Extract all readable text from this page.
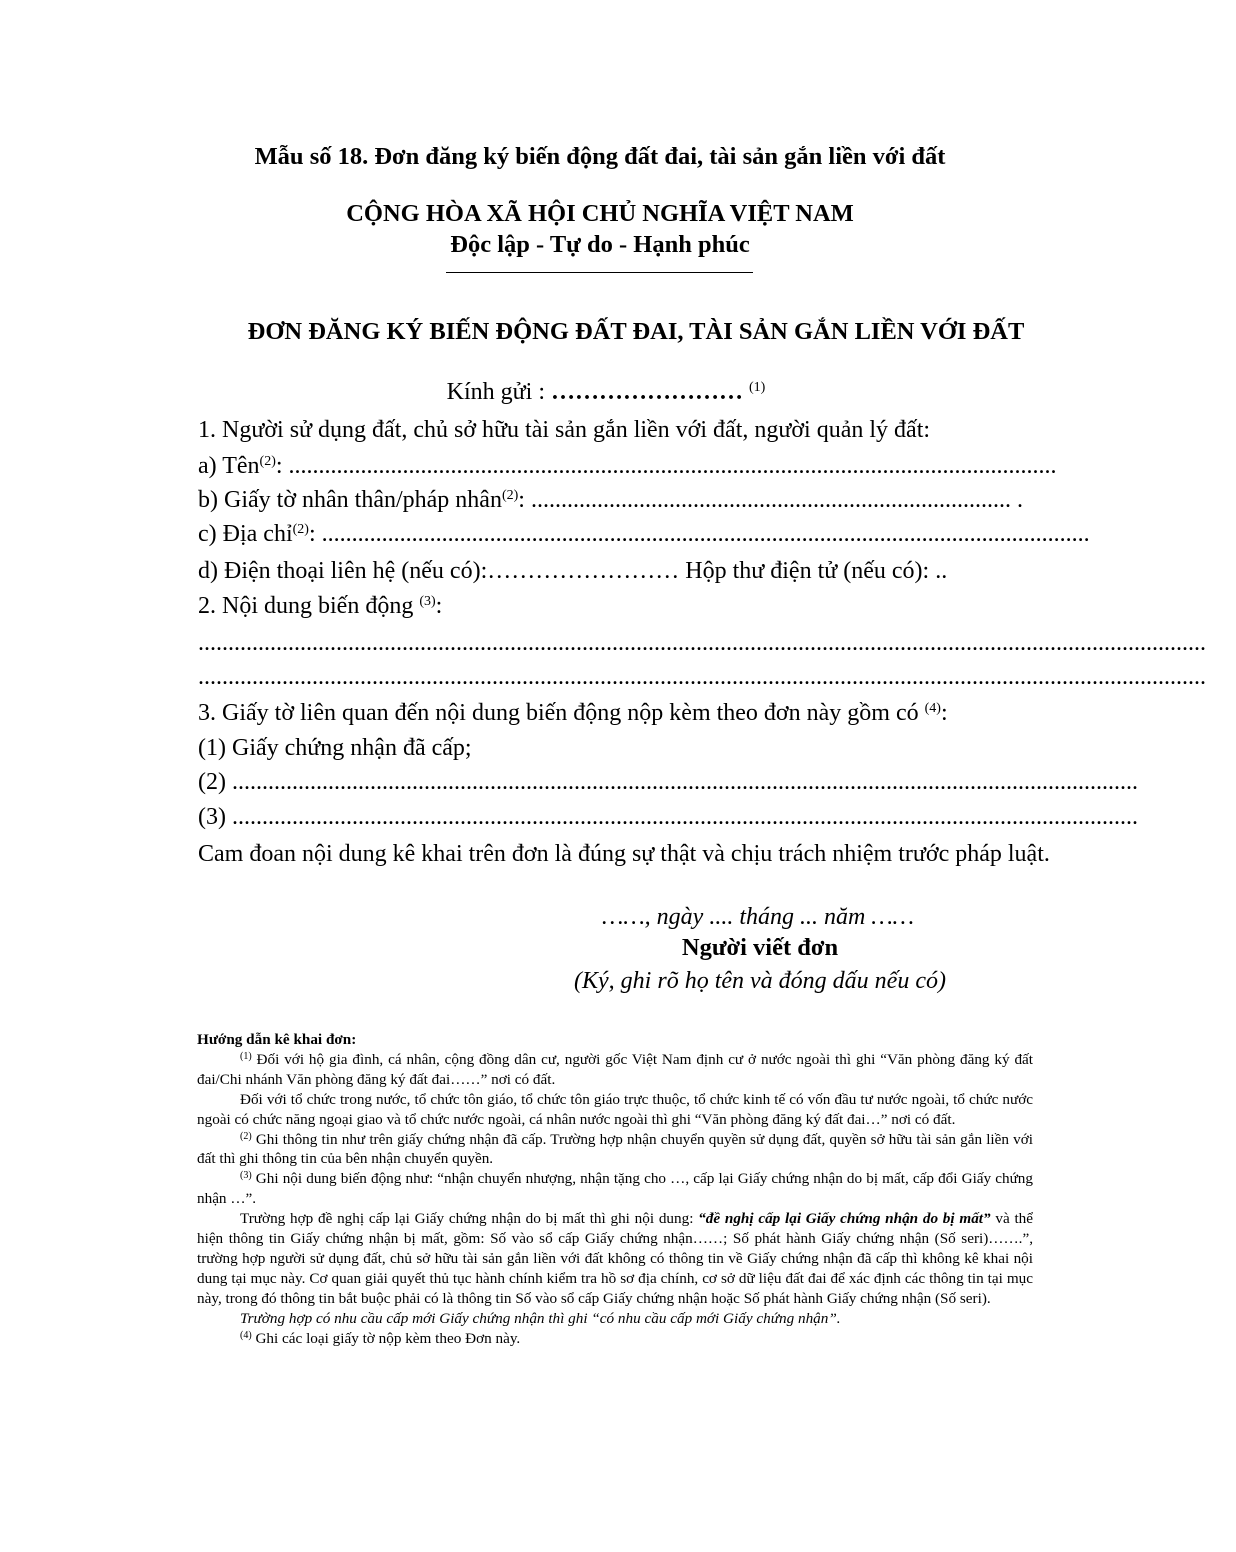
Mẫu số 18. Đơn đăng ký biến động đất đai, tài sản gắn liền với đất
CỘNG HÒA XÃ HỘI CHỦ NGHĨA VIỆT NAM
Độc lập - Tự do - Hạnh phúc
ĐƠN ĐĂNG KÝ BIẾN ĐỘNG ĐẤT ĐAI, TÀI SẢN GẮN LIỀN VỚI ĐẤT
Kính gửi : …………………… $^{(1)}$
1. Người sử dụng đất, chủ sở hữu tài sản gắn liền với đất, người quản lý đất:
a) Tên$^{(2)}$: ................................................................................................................................
b) Giấy tờ nhân thân/pháp nhân$^{(2)}$: ................................................................................ .
c) Địa chỉ$^{(2)}$: ................................................................................................................................
d) Điện thoại liên hệ (nếu có):…………………… Hộp thư điện tử (nếu có): ..
2. Nội dung biến động $^{(3)}$:
........................................................................................................................................................................
........................................................................................................................................................................
3. Giấy tờ liên quan đến nội dung biến động nộp kèm theo đơn này gồm có $^{(4)}$:
(1) Giấy chứng nhận đã cấp;
(2) .......................................................................................................................................................
(3) .......................................................................................................................................................
Cam đoan nội dung kê khai trên đơn là đúng sự thật và chịu trách nhiệm trước pháp luật.
……, ngày .... tháng ... năm ……
Người viết đơn
(Ký, ghi rõ họ tên và đóng dấu nếu có)

Hướng dẫn kê khai đơn:

$^{(1)}$ Đối với hộ gia đình, cá nhân, cộng đồng dân cư, người gốc Việt Nam định cư ở nước ngoài thì ghi “Văn phòng đăng ký đất đai/Chi nhánh Văn phòng đăng ký đất đai……” nơi có đất.

Đối với tổ chức trong nước, tổ chức tôn giáo, tổ chức tôn giáo trực thuộc, tổ chức kinh tế có vốn đầu tư nước ngoài, tổ chức nước ngoài có chức năng ngoại giao và tổ chức nước ngoài, cá nhân nước ngoài thì ghi “Văn phòng đăng ký đất đai…” nơi có đất.

$^{(2)}$ Ghi thông tin như trên giấy chứng nhận đã cấp. Trường hợp nhận chuyển quyền sử dụng đất, quyền sở hữu tài sản gắn liền với đất thì ghi thông tin của bên nhận chuyển quyền.

$^{(3)}$ Ghi nội dung biến động như: “nhận chuyển nhượng, nhận tặng cho …, cấp lại Giấy chứng nhận do bị mất, cấp đổi Giấy chứng nhận …”.

Trường hợp đề nghị cấp lại Giấy chứng nhận do bị mất thì ghi nội dung: “đề nghị cấp lại Giấy chứng nhận do bị mất” và thể hiện thông tin Giấy chứng nhận bị mất, gồm: Số vào sổ cấp Giấy chứng nhận……; Số phát hành Giấy chứng nhận (Số seri)…….”, trường hợp người sử dụng đất, chủ sở hữu tài sản gắn liền với đất không có thông tin về Giấy chứng nhận đã cấp thì không kê khai nội dung tại mục này. Cơ quan giải quyết thủ tục hành chính kiểm tra hồ sơ địa chính, cơ sở dữ liệu đất đai để xác định các thông tin tại mục này, trong đó thông tin bắt buộc phải có là thông tin Số vào sổ cấp Giấy chứng nhận hoặc Số phát hành Giấy chứng nhận (Số seri).

Trường hợp có nhu cầu cấp mới Giấy chứng nhận thì ghi “có nhu cầu cấp mới Giấy chứng nhận”.

$^{(4)}$ Ghi các loại giấy tờ nộp kèm theo Đơn này.
